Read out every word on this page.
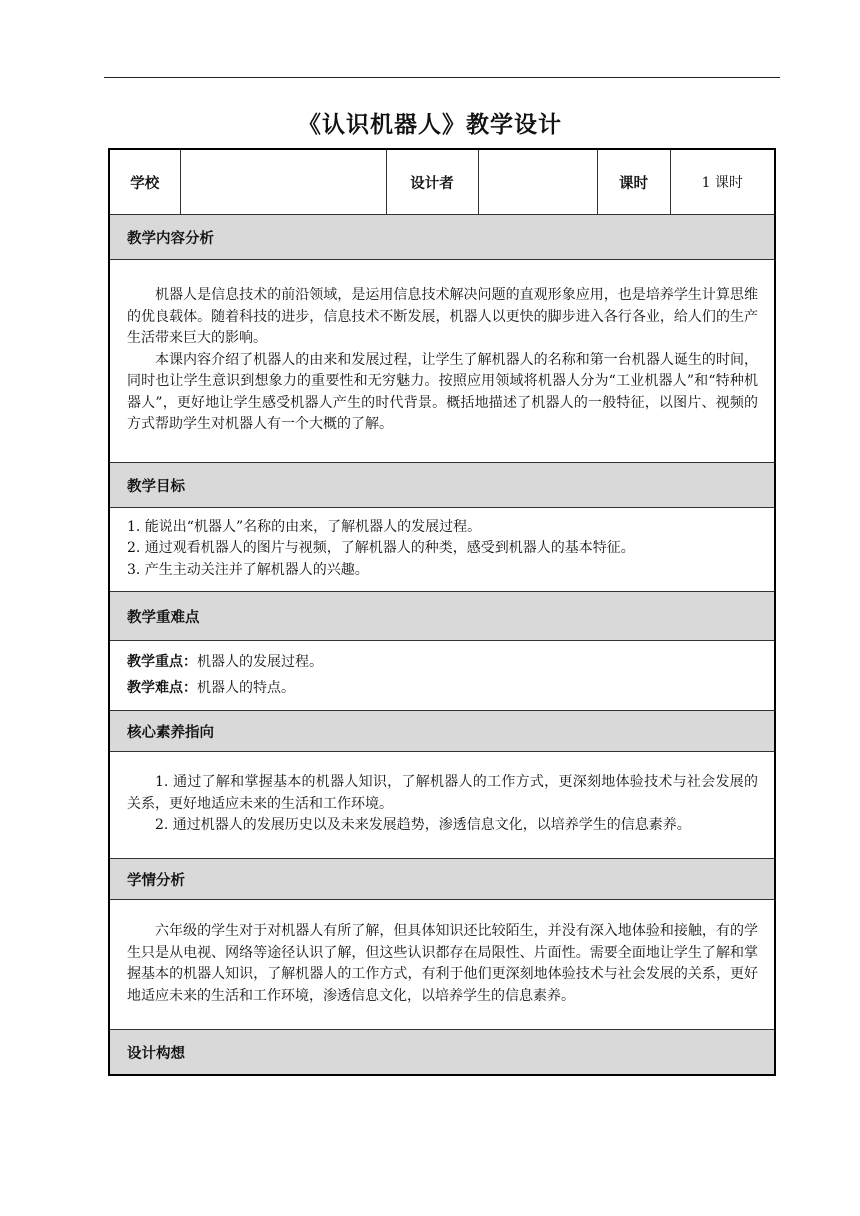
《认识机器人》教学设计
学校		设计者		课时	1 课时
教学内容分析

机器人是信息技术的前沿领域，是运用信息技术解决问题的直观形象应用，也是培养学生计算思维的优良载体。随着科技的进步，信息技术不断发展，机器人以更快的脚步进入各行各业，给人们的生产生活带来巨大的影响。

本课内容介绍了机器人的由来和发展过程，让学生了解机器人的名称和第一台机器人诞生的时间，同时也让学生意识到想象力的重要性和无穷魅力。按照应用领域将机器人分为“工业机器人”和“特种机器人”，更好地让学生感受机器人产生的时代背景。概括地描述了机器人的一般特征，以图片、视频的方式帮助学生对机器人有一个大概的了解。

教学目标

1. 能说出“机器人”名称的由来，了解机器人的发展过程。

2. 通过观看机器人的图片与视频，了解机器人的种类，感受到机器人的基本特征。

3. 产生主动关注并了解机器人的兴趣。

教学重难点

教学重点：机器人的发展过程。

教学难点：机器人的特点。

核心素养指向

1. 通过了解和掌握基本的机器人知识，了解机器人的工作方式，更深刻地体验技术与社会发展的关系，更好地适应未来的生活和工作环境。

2. 通过机器人的发展历史以及未来发展趋势，渗透信息文化，以培养学生的信息素养。

学情分析

六年级的学生对于对机器人有所了解，但具体知识还比较陌生，并没有深入地体验和接触，有的学生只是从电视、网络等途径认识了解，但这些认识都存在局限性、片面性。需要全面地让学生了解和掌握基本的机器人知识，了解机器人的工作方式，有利于他们更深刻地体验技术与社会发展的关系，更好地适应未来的生活和工作环境，渗透信息文化，以培养学生的信息素养。

设计构想
